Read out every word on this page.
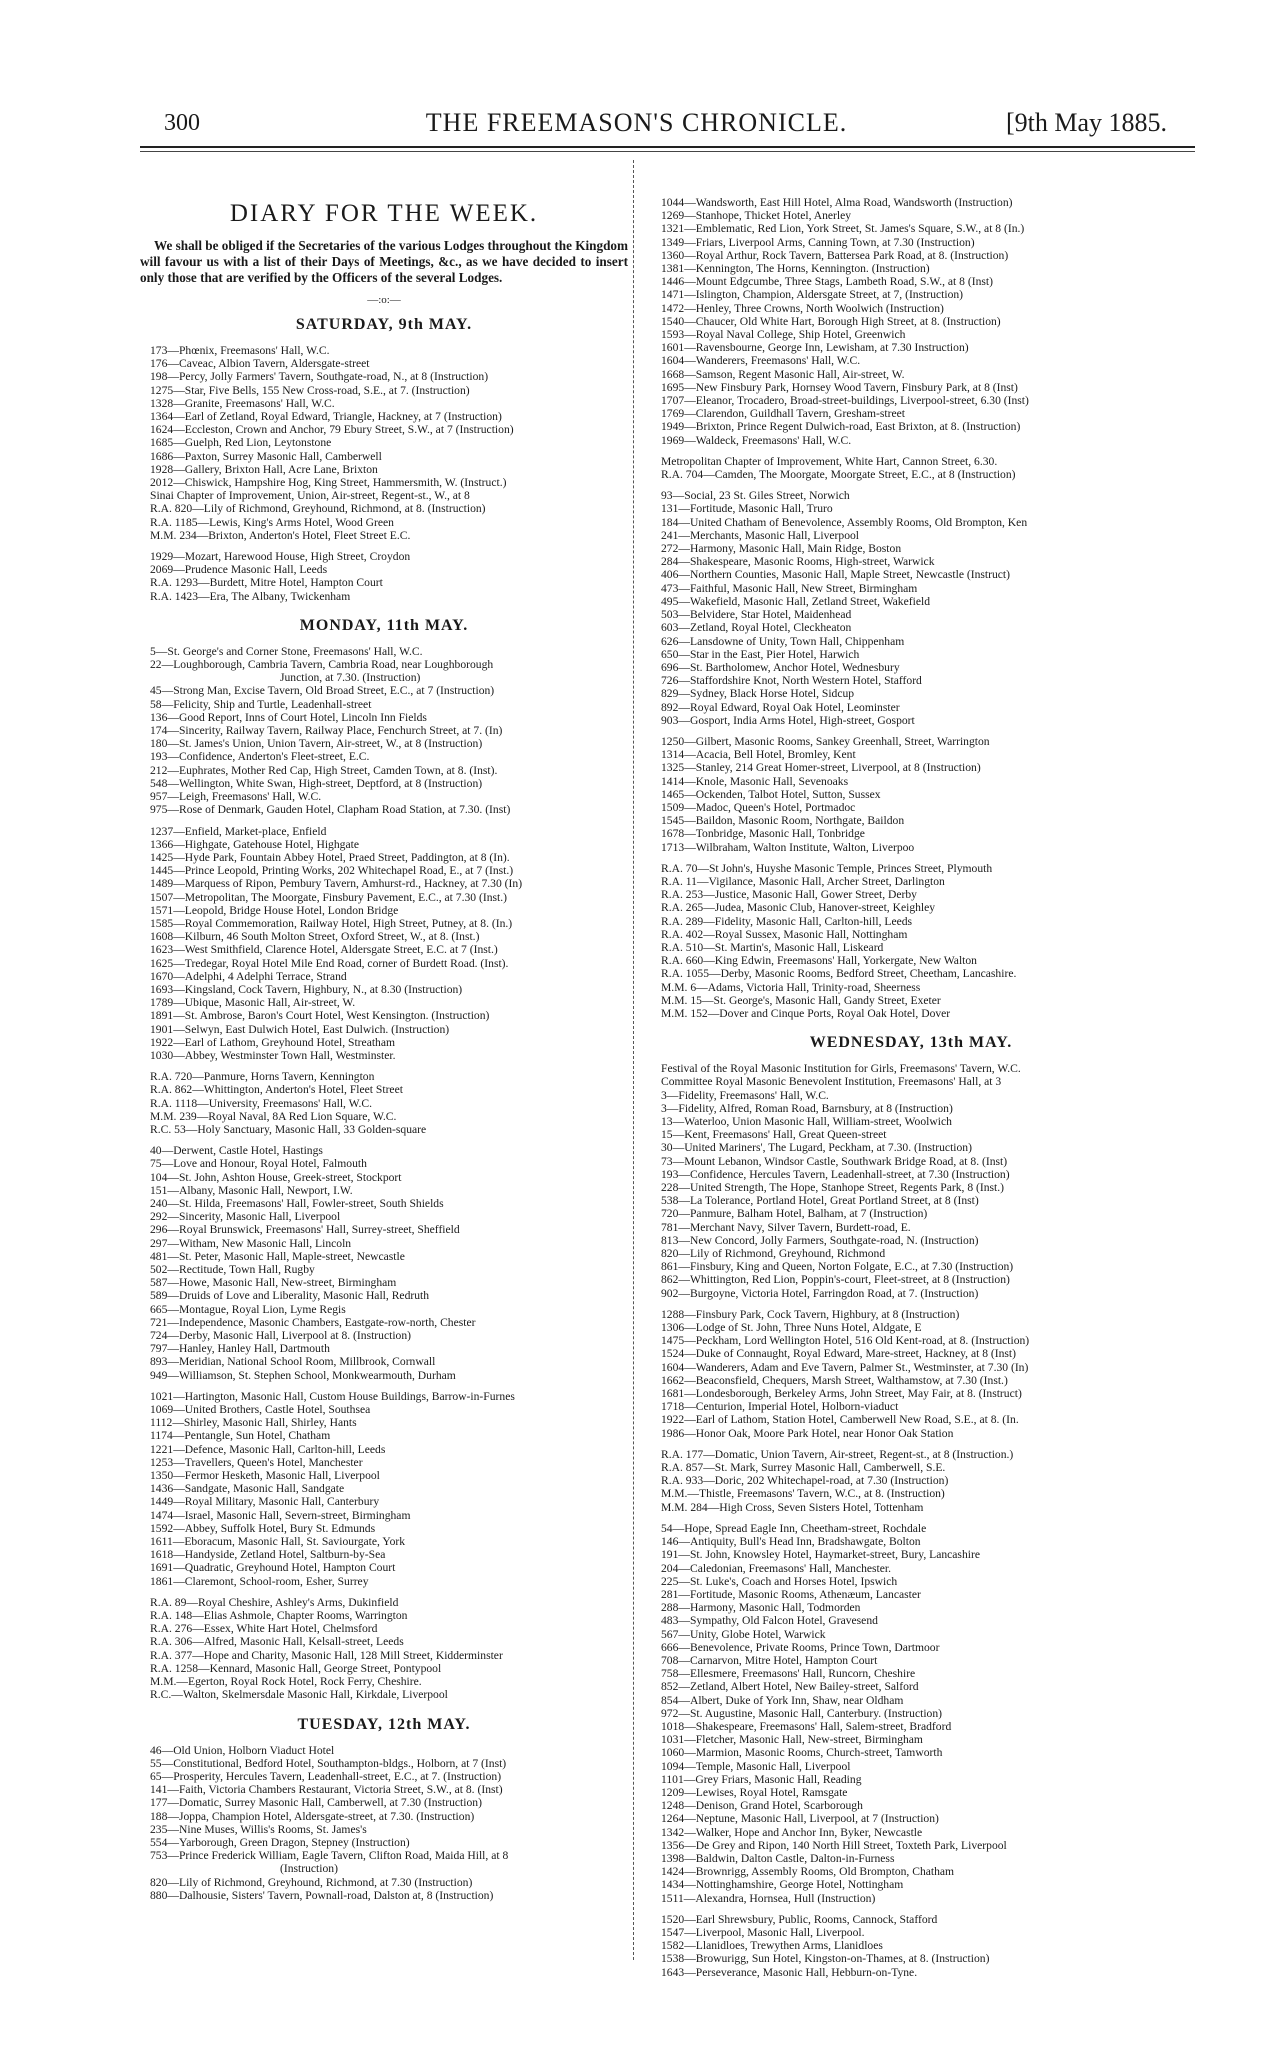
300	THE FREEMASON'S CHRONICLE.	[9th May 1885.
DIARY FOR THE WEEK.

We shall be obliged if the Secretaries of the various Lodges throughout the Kingdom will favour us with a list of their Days of Meetings, &c., as we have decided to insert only those that are verified by the Officers of the several Lodges.

—:o:—
SATURDAY, 9th MAY.
173—Phœnix, Freemasons' Hall, W.C.
176—Caveac, Albion Tavern, Aldersgate-street
198—Percy, Jolly Farmers' Tavern, Southgate-road, N., at 8 (Instruction)
1275—Star, Five Bells, 155 New Cross-road, S.E., at 7. (Instruction)
1328—Granite, Freemasons' Hall, W.C.
1364—Earl of Zetland, Royal Edward, Triangle, Hackney, at 7 (Instruction)
1624—Eccleston, Crown and Anchor, 79 Ebury Street, S.W., at 7 (Instruction)
1685—Guelph, Red Lion, Leytonstone
1686—Paxton, Surrey Masonic Hall, Camberwell
1928—Gallery, Brixton Hall, Acre Lane, Brixton
2012—Chiswick, Hampshire Hog, King Street, Hammersmith, W. (Instruct.)
Sinai Chapter of Improvement, Union, Air-street, Regent-st., W., at 8
R.A. 820—Lily of Richmond, Greyhound, Richmond, at 8. (Instruction)
R.A. 1185—Lewis, King's Arms Hotel, Wood Green
M.M. 234—Brixton, Anderton's Hotel, Fleet Street E.C.
1929—Mozart, Harewood House, High Street, Croydon
2069—Prudence Masonic Hall, Leeds
R.A. 1293—Burdett, Mitre Hotel, Hampton Court
R.A. 1423—Era, The Albany, Twickenham
MONDAY, 11th MAY.
5—St. George's and Corner Stone, Freemasons' Hall, W.C.
22—Loughborough, Cambria Tavern, Cambria Road, near Loughborough
Junction, at 7.30. (Instruction)
45—Strong Man, Excise Tavern, Old Broad Street, E.C., at 7 (Instruction)
58—Felicity, Ship and Turtle, Leadenhall-street
136—Good Report, Inns of Court Hotel, Lincoln Inn Fields
174—Sincerity, Railway Tavern, Railway Place, Fenchurch Street, at 7. (In)
180—St. James's Union, Union Tavern, Air-street, W., at 8 (Instruction)
193—Confidence, Anderton's Fleet-street, E.C.
212—Euphrates, Mother Red Cap, High Street, Camden Town, at 8. (Inst).
548—Wellington, White Swan, High-street, Deptford, at 8 (Instruction)
957—Leigh, Freemasons' Hall, W.C.
975—Rose of Denmark, Gauden Hotel, Clapham Road Station, at 7.30. (Inst)
1237—Enfield, Market-place, Enfield
1366—Highgate, Gatehouse Hotel, Highgate
1425—Hyde Park, Fountain Abbey Hotel, Praed Street, Paddington, at 8 (In).
1445—Prince Leopold, Printing Works, 202 Whitechapel Road, E., at 7 (Inst.)
1489—Marquess of Ripon, Pembury Tavern, Amhurst-rd., Hackney, at 7.30 (In)
1507—Metropolitan, The Moorgate, Finsbury Pavement, E.C., at 7.30 (Inst.)
1571—Leopold, Bridge House Hotel, London Bridge
1585—Royal Commemoration, Railway Hotel, High Street, Putney, at 8. (In.)
1608—Kilburn, 46 South Molton Street, Oxford Street, W., at 8. (Inst.)
1623—West Smithfield, Clarence Hotel, Aldersgate Street, E.C. at 7 (Inst.)
1625—Tredegar, Royal Hotel Mile End Road, corner of Burdett Road. (Inst).
1670—Adelphi, 4 Adelphi Terrace, Strand
1693—Kingsland, Cock Tavern, Highbury, N., at 8.30 (Instruction)
1789—Ubique, Masonic Hall, Air-street, W.
1891—St. Ambrose, Baron's Court Hotel, West Kensington. (Instruction)
1901—Selwyn, East Dulwich Hotel, East Dulwich. (Instruction)
1922—Earl of Lathom, Greyhound Hotel, Streatham
1030—Abbey, Westminster Town Hall, Westminster.
R.A. 720—Panmure, Horns Tavern, Kennington
R.A. 862—Whittington, Anderton's Hotel, Fleet Street
R.A. 1118—University, Freemasons' Hall, W.C.
M.M. 239—Royal Naval, 8A Red Lion Square, W.C.
R.C. 53—Holy Sanctuary, Masonic Hall, 33 Golden-square
40—Derwent, Castle Hotel, Hastings
75—Love and Honour, Royal Hotel, Falmouth
104—St. John, Ashton House, Greek-street, Stockport
151—Albany, Masonic Hall, Newport, I.W.
240—St. Hilda, Freemasons' Hall, Fowler-street, South Shields
292—Sincerity, Masonic Hall, Liverpool
296—Royal Brunswick, Freemasons' Hall, Surrey-street, Sheffield
297—Witham, New Masonic Hall, Lincoln
481—St. Peter, Masonic Hall, Maple-street, Newcastle
502—Rectitude, Town Hall, Rugby
587—Howe, Masonic Hall, New-street, Birmingham
589—Druids of Love and Liberality, Masonic Hall, Redruth
665—Montague, Royal Lion, Lyme Regis
721—Independence, Masonic Chambers, Eastgate-row-north, Chester
724—Derby, Masonic Hall, Liverpool at 8. (Instruction)
797—Hanley, Hanley Hall, Dartmouth
893—Meridian, National School Room, Millbrook, Cornwall
949—Williamson, St. Stephen School, Monkwearmouth, Durham
1021—Hartington, Masonic Hall, Custom House Buildings, Barrow-in-Furnes
1069—United Brothers, Castle Hotel, Southsea
1112—Shirley, Masonic Hall, Shirley, Hants
1174—Pentangle, Sun Hotel, Chatham
1221—Defence, Masonic Hall, Carlton-hill, Leeds
1253—Travellers, Queen's Hotel, Manchester
1350—Fermor Hesketh, Masonic Hall, Liverpool
1436—Sandgate, Masonic Hall, Sandgate
1449—Royal Military, Masonic Hall, Canterbury
1474—Israel, Masonic Hall, Severn-street, Birmingham
1592—Abbey, Suffolk Hotel, Bury St. Edmunds
1611—Eboracum, Masonic Hall, St. Saviourgate, York
1618—Handyside, Zetland Hotel, Saltburn-by-Sea
1691—Quadratic, Greyhound Hotel, Hampton Court
1861—Claremont, School-room, Esher, Surrey
R.A. 89—Royal Cheshire, Ashley's Arms, Dukinfield
R.A. 148—Elias Ashmole, Chapter Rooms, Warrington
R.A. 276—Essex, White Hart Hotel, Chelmsford
R.A. 306—Alfred, Masonic Hall, Kelsall-street, Leeds
R.A. 377—Hope and Charity, Masonic Hall, 128 Mill Street, Kidderminster
R.A. 1258—Kennard, Masonic Hall, George Street, Pontypool
M.M.—Egerton, Royal Rock Hotel, Rock Ferry, Cheshire.
R.C.—Walton, Skelmersdale Masonic Hall, Kirkdale, Liverpool
TUESDAY, 12th MAY.
46—Old Union, Holborn Viaduct Hotel
55—Constitutional, Bedford Hotel, Southampton-bldgs., Holborn, at 7 (Inst)
65—Prosperity, Hercules Tavern, Leadenhall-street, E.C., at 7. (Instruction)
141—Faith, Victoria Chambers Restaurant, Victoria Street, S.W., at 8. (Inst)
177—Domatic, Surrey Masonic Hall, Camberwell, at 7.30 (Instruction)
188—Joppa, Champion Hotel, Aldersgate-street, at 7.30. (Instruction)
235—Nine Muses, Willis's Rooms, St. James's
554—Yarborough, Green Dragon, Stepney (Instruction)
753—Prince Frederick William, Eagle Tavern, Clifton Road, Maida Hill, at 8
(Instruction)
820—Lily of Richmond, Greyhound, Richmond, at 7.30 (Instruction)
880—Dalhousie, Sisters' Tavern, Pownall-road, Dalston at, 8 (Instruction)
1044—Wandsworth, East Hill Hotel, Alma Road, Wandsworth (Instruction)
1269—Stanhope, Thicket Hotel, Anerley
1321—Emblematic, Red Lion, York Street, St. James's Square, S.W., at 8 (In.)
1349—Friars, Liverpool Arms, Canning Town, at 7.30 (Instruction)
1360—Royal Arthur, Rock Tavern, Battersea Park Road, at 8. (Instruction)
1381—Kennington, The Horns, Kennington. (Instruction)
1446—Mount Edgcumbe, Three Stags, Lambeth Road, S.W., at 8 (Inst)
1471—Islington, Champion, Aldersgate Street, at 7, (Instruction)
1472—Henley, Three Crowns, North Woolwich (Instruction)
1540—Chaucer, Old White Hart, Borough High Street, at 8. (Instruction)
1593—Royal Naval College, Ship Hotel, Greenwich
1601—Ravensbourne, George Inn, Lewisham, at 7.30 Instruction)
1604—Wanderers, Freemasons' Hall, W.C.
1668—Samson, Regent Masonic Hall, Air-street, W.
1695—New Finsbury Park, Hornsey Wood Tavern, Finsbury Park, at 8 (Inst)
1707—Eleanor, Trocadero, Broad-street-buildings, Liverpool-street, 6.30 (Inst)
1769—Clarendon, Guildhall Tavern, Gresham-street
1949—Brixton, Prince Regent Dulwich-road, East Brixton, at 8. (Instruction)
1969—Waldeck, Freemasons' Hall, W.C.
Metropolitan Chapter of Improvement, White Hart, Cannon Street, 6.30.
R.A. 704—Camden, The Moorgate, Moorgate Street, E.C., at 8 (Instruction)
93—Social, 23 St. Giles Street, Norwich
131—Fortitude, Masonic Hall, Truro
184—United Chatham of Benevolence, Assembly Rooms, Old Brompton, Ken
241—Merchants, Masonic Hall, Liverpool
272—Harmony, Masonic Hall, Main Ridge, Boston
284—Shakespeare, Masonic Rooms, High-street, Warwick
406—Northern Counties, Masonic Hall, Maple Street, Newcastle (Instruct)
473—Faithful, Masonic Hall, New Street, Birmingham
495—Wakefield, Masonic Hall, Zetland Street, Wakefield
503—Belvidere, Star Hotel, Maidenhead
603—Zetland, Royal Hotel, Cleckheaton
626—Lansdowne of Unity, Town Hall, Chippenham
650—Star in the East, Pier Hotel, Harwich
696—St. Bartholomew, Anchor Hotel, Wednesbury
726—Staffordshire Knot, North Western Hotel, Stafford
829—Sydney, Black Horse Hotel, Sidcup
892—Royal Edward, Royal Oak Hotel, Leominster
903—Gosport, India Arms Hotel, High-street, Gosport
1250—Gilbert, Masonic Rooms, Sankey Greenhall, Street, Warrington
1314—Acacia, Bell Hotel, Bromley, Kent
1325—Stanley, 214 Great Homer-street, Liverpool, at 8 (Instruction)
1414—Knole, Masonic Hall, Sevenoaks
1465—Ockenden, Talbot Hotel, Sutton, Sussex
1509—Madoc, Queen's Hotel, Portmadoc
1545—Baildon, Masonic Room, Northgate, Baildon
1678—Tonbridge, Masonic Hall, Tonbridge
1713—Wilbraham, Walton Institute, Walton, Liverpoo
R.A. 70—St John's, Huyshe Masonic Temple, Princes Street, Plymouth
R.A. 11—Vigilance, Masonic Hall, Archer Street, Darlington
R.A. 253—Justice, Masonic Hall, Gower Street, Derby
R.A. 265—Judea, Masonic Club, Hanover-street, Keighley
R.A. 289—Fidelity, Masonic Hall, Carlton-hill, Leeds
R.A. 402—Royal Sussex, Masonic Hall, Nottingham
R.A. 510—St. Martin's, Masonic Hall, Liskeard
R.A. 660—King Edwin, Freemasons' Hall, Yorkergate, New Walton
R.A. 1055—Derby, Masonic Rooms, Bedford Street, Cheetham, Lancashire.
M.M. 6—Adams, Victoria Hall, Trinity-road, Sheerness
M.M. 15—St. George's, Masonic Hall, Gandy Street, Exeter
M.M. 152—Dover and Cinque Ports, Royal Oak Hotel, Dover
WEDNESDAY, 13th MAY.
Festival of the Royal Masonic Institution for Girls, Freemasons' Tavern, W.C.
Committee Royal Masonic Benevolent Institution, Freemasons' Hall, at 3
3—Fidelity, Freemasons' Hall, W.C.
3—Fidelity, Alfred, Roman Road, Barnsbury, at 8 (Instruction)
13—Waterloo, Union Masonic Hall, William-street, Woolwich
15—Kent, Freemasons' Hall, Great Queen-street
30—United Mariners', The Lugard, Peckham, at 7.30. (Instruction)
73—Mount Lebanon, Windsor Castle, Southwark Bridge Road, at 8. (Inst)
193—Confidence, Hercules Tavern, Leadenhall-street, at 7.30 (Instruction)
228—United Strength, The Hope, Stanhope Street, Regents Park, 8 (Inst.)
538—La Tolerance, Portland Hotel, Great Portland Street, at 8 (Inst)
720—Panmure, Balham Hotel, Balham, at 7 (Instruction)
781—Merchant Navy, Silver Tavern, Burdett-road, E.
813—New Concord, Jolly Farmers, Southgate-road, N. (Instruction)
820—Lily of Richmond, Greyhound, Richmond
861—Finsbury, King and Queen, Norton Folgate, E.C., at 7.30 (Instruction)
862—Whittington, Red Lion, Poppin's-court, Fleet-street, at 8 (Instruction)
902—Burgoyne, Victoria Hotel, Farringdon Road, at 7. (Instruction)
1288—Finsbury Park, Cock Tavern, Highbury, at 8 (Instruction)
1306—Lodge of St. John, Three Nuns Hotel, Aldgate, E
1475—Peckham, Lord Wellington Hotel, 516 Old Kent-road, at 8. (Instruction)
1524—Duke of Connaught, Royal Edward, Mare-street, Hackney, at 8 (Inst)
1604—Wanderers, Adam and Eve Tavern, Palmer St., Westminster, at 7.30 (In)
1662—Beaconsfield, Chequers, Marsh Street, Walthamstow, at 7.30 (Inst.)
1681—Londesborough, Berkeley Arms, John Street, May Fair, at 8. (Instruct)
1718—Centurion, Imperial Hotel, Holborn-viaduct
1922—Earl of Lathom, Station Hotel, Camberwell New Road, S.E., at 8. (In.
1986—Honor Oak, Moore Park Hotel, near Honor Oak Station
R.A. 177—Domatic, Union Tavern, Air-street, Regent-st., at 8 (Instruction.)
R.A. 857—St. Mark, Surrey Masonic Hall, Camberwell, S.E.
R.A. 933—Doric, 202 Whitechapel-road, at 7.30 (Instruction)
M.M.—Thistle, Freemasons' Tavern, W.C., at 8. (Instruction)
M.M. 284—High Cross, Seven Sisters Hotel, Tottenham
54—Hope, Spread Eagle Inn, Cheetham-street, Rochdale
146—Antiquity, Bull's Head Inn, Bradshawgate, Bolton
191—St. John, Knowsley Hotel, Haymarket-street, Bury, Lancashire
204—Caledonian, Freemasons' Hall, Manchester.
225—St. Luke's, Coach and Horses Hotel, Ipswich
281—Fortitude, Masonic Rooms, Athenæum, Lancaster
288—Harmony, Masonic Hall, Todmorden
483—Sympathy, Old Falcon Hotel, Gravesend
567—Unity, Globe Hotel, Warwick
666—Benevolence, Private Rooms, Prince Town, Dartmoor
708—Carnarvon, Mitre Hotel, Hampton Court
758—Ellesmere, Freemasons' Hall, Runcorn, Cheshire
852—Zetland, Albert Hotel, New Bailey-street, Salford
854—Albert, Duke of York Inn, Shaw, near Oldham
972—St. Augustine, Masonic Hall, Canterbury. (Instruction)
1018—Shakespeare, Freemasons' Hall, Salem-street, Bradford
1031—Fletcher, Masonic Hall, New-street, Birmingham
1060—Marmion, Masonic Rooms, Church-street, Tamworth
1094—Temple, Masonic Hall, Liverpool
1101—Grey Friars, Masonic Hall, Reading
1209—Lewises, Royal Hotel, Ramsgate
1248—Denison, Grand Hotel, Scarborough
1264—Neptune, Masonic Hall, Liverpool, at 7 (Instruction)
1342—Walker, Hope and Anchor Inn, Byker, Newcastle
1356—De Grey and Ripon, 140 North Hill Street, Toxteth Park, Liverpool
1398—Baldwin, Dalton Castle, Dalton-in-Furness
1424—Brownrigg, Assembly Rooms, Old Brompton, Chatham
1434—Nottinghamshire, George Hotel, Nottingham
1511—Alexandra, Hornsea, Hull (Instruction)
1520—Earl Shrewsbury, Public, Rooms, Cannock, Stafford
1547—Liverpool, Masonic Hall, Liverpool.
1582—Llanidloes, Trewythen Arms, Llanidloes
1538—Browurigg, Sun Hotel, Kingston-on-Thames, at 8. (Instruction)
1643—Perseverance, Masonic Hall, Hebburn-on-Tyne.
